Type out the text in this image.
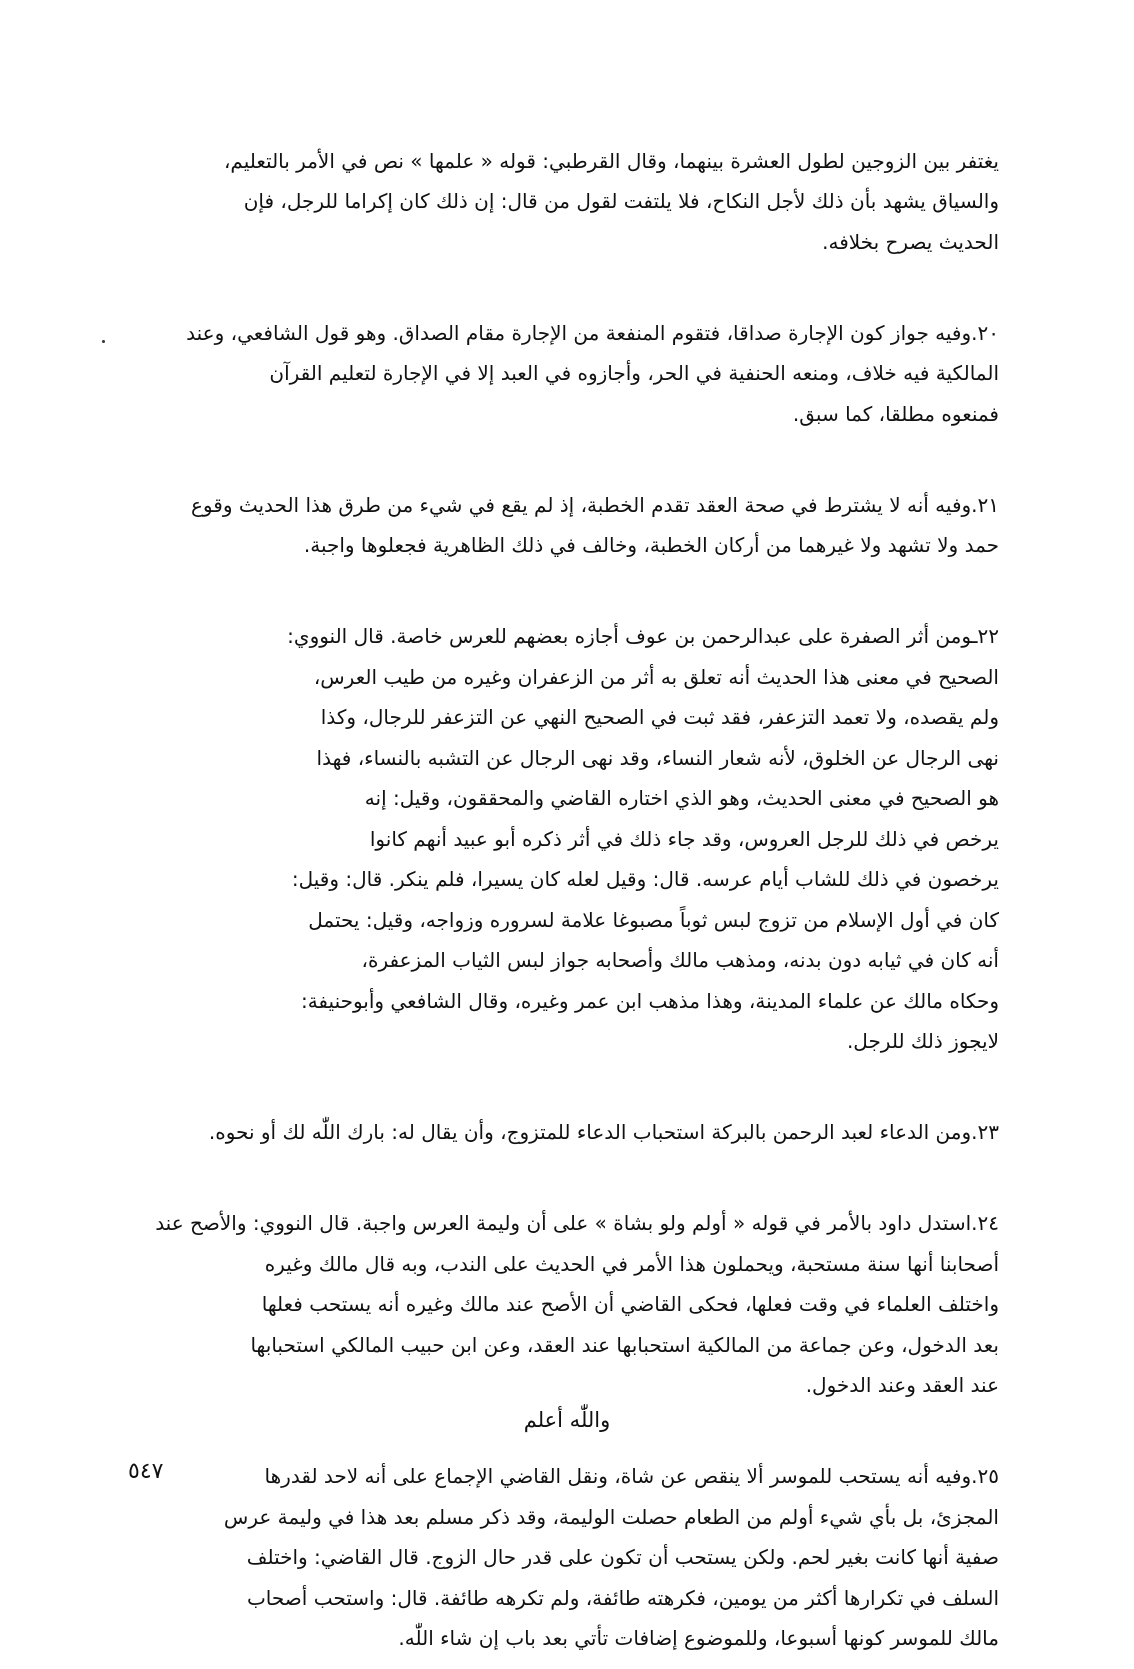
يغتفر بين الزوجين لطول العشرة بينهما، وقال القرطبي: قوله « علمها » نص في الأمر بالتعليم،
والسياق يشهد بأن ذلك لأجل النكاح، فلا يلتفت لقول من قال: إن ذلك كان إكراما للرجل، فإن
الحديث يصرح بخلافه.

٢٠.وفيه جواز كون الإجارة صداقا، فتقوم المنفعة من الإجارة مقام الصداق. وهو قول الشافعي، وعند
المالكية فيه خلاف، ومنعه الحنفية في الحر، وأجازوه في العبد إلا في الإجارة لتعليم القرآن
فمنعوه مطلقا، كما سبق.

٢١.وفيه أنه لا يشترط في صحة العقد تقدم الخطبة، إذ لم يقع في شيء من طرق هذا الحديث وقوع
حمد ولا تشهد ولا غيرهما من أركان الخطبة، وخالف في ذلك الظاهرية فجعلوها واجبة.

٢٢ـومن أثر الصفرة على عبدالرحمن بن عوف أجازه بعضهم للعرس خاصة. قال النووي:
الصحيح في معنى هذا الحديث أنه تعلق به أثر من الزعفران وغيره من طيب العرس،
ولم يقصده، ولا تعمد التزعفر، فقد ثبت في الصحيح النهي عن التزعفر للرجال، وكذا
نهى الرجال عن الخلوق، لأنه شعار النساء، وقد نهى الرجال عن التشبه بالنساء، فهذا
هو الصحيح في معنى الحديث، وهو الذي اختاره القاضي والمحققون، وقيل: إنه
يرخص في ذلك للرجل العروس، وقد جاء ذلك في أثر ذكره أبو عبيد أنهم كانوا
يرخصون في ذلك للشاب أيام عرسه. قال: وقيل لعله كان يسيرا، فلم ينكر. قال: وقيل:
كان في أول الإسلام من تزوج لبس ثوباً مصبوغا علامة لسروره وزواجه، وقيل: يحتمل
أنه كان في ثيابه دون بدنه، ومذهب مالك وأصحابه جواز لبس الثياب المزعفرة،
وحكاه مالك عن علماء المدينة، وهذا مذهب ابن عمر وغيره، وقال الشافعي وأبوحنيفة:
لايجوز ذلك للرجل.

٢٣.ومن الدعاء لعبد الرحمن بالبركة استحباب الدعاء للمتزوج، وأن يقال له: بارك اللّٰه لك أو نحوه.

٢٤.استدل داود بالأمر في قوله « أولم ولو بشاة » على أن وليمة العرس واجبة. قال النووي: والأصح عند
أصحابنا أنها سنة مستحبة، ويحملون هذا الأمر في الحديث على الندب، وبه قال مالك وغيره
واختلف العلماء في وقت فعلها، فحكى القاضي أن الأصح عند مالك وغيره أنه يستحب فعلها
بعد الدخول، وعن جماعة من المالكية استحبابها عند العقد، وعن ابن حبيب المالكي استحبابها
عند العقد وعند الدخول.

٢٥.وفيه أنه يستحب للموسر ألا ينقص عن شاة، ونقل القاضي الإجماع على أنه لاحد لقدرها
المجزئ، بل بأي شيء أولم من الطعام حصلت الوليمة، وقد ذكر مسلم بعد هذا في وليمة عرس
صفية أنها كانت بغير لحم. ولكن يستحب أن تكون على قدر حال الزوج. قال القاضي: واختلف
السلف في تكرارها أكثر من يومين، فكرهته طائفة، ولم تكرهه طائفة. قال: واستحب أصحاب
مالك للموسر كونها أسبوعا، وللموضوع إضافات تأتي بعد باب إن شاء اللّٰه.

واللّٰه أعلم
٥٤٧
